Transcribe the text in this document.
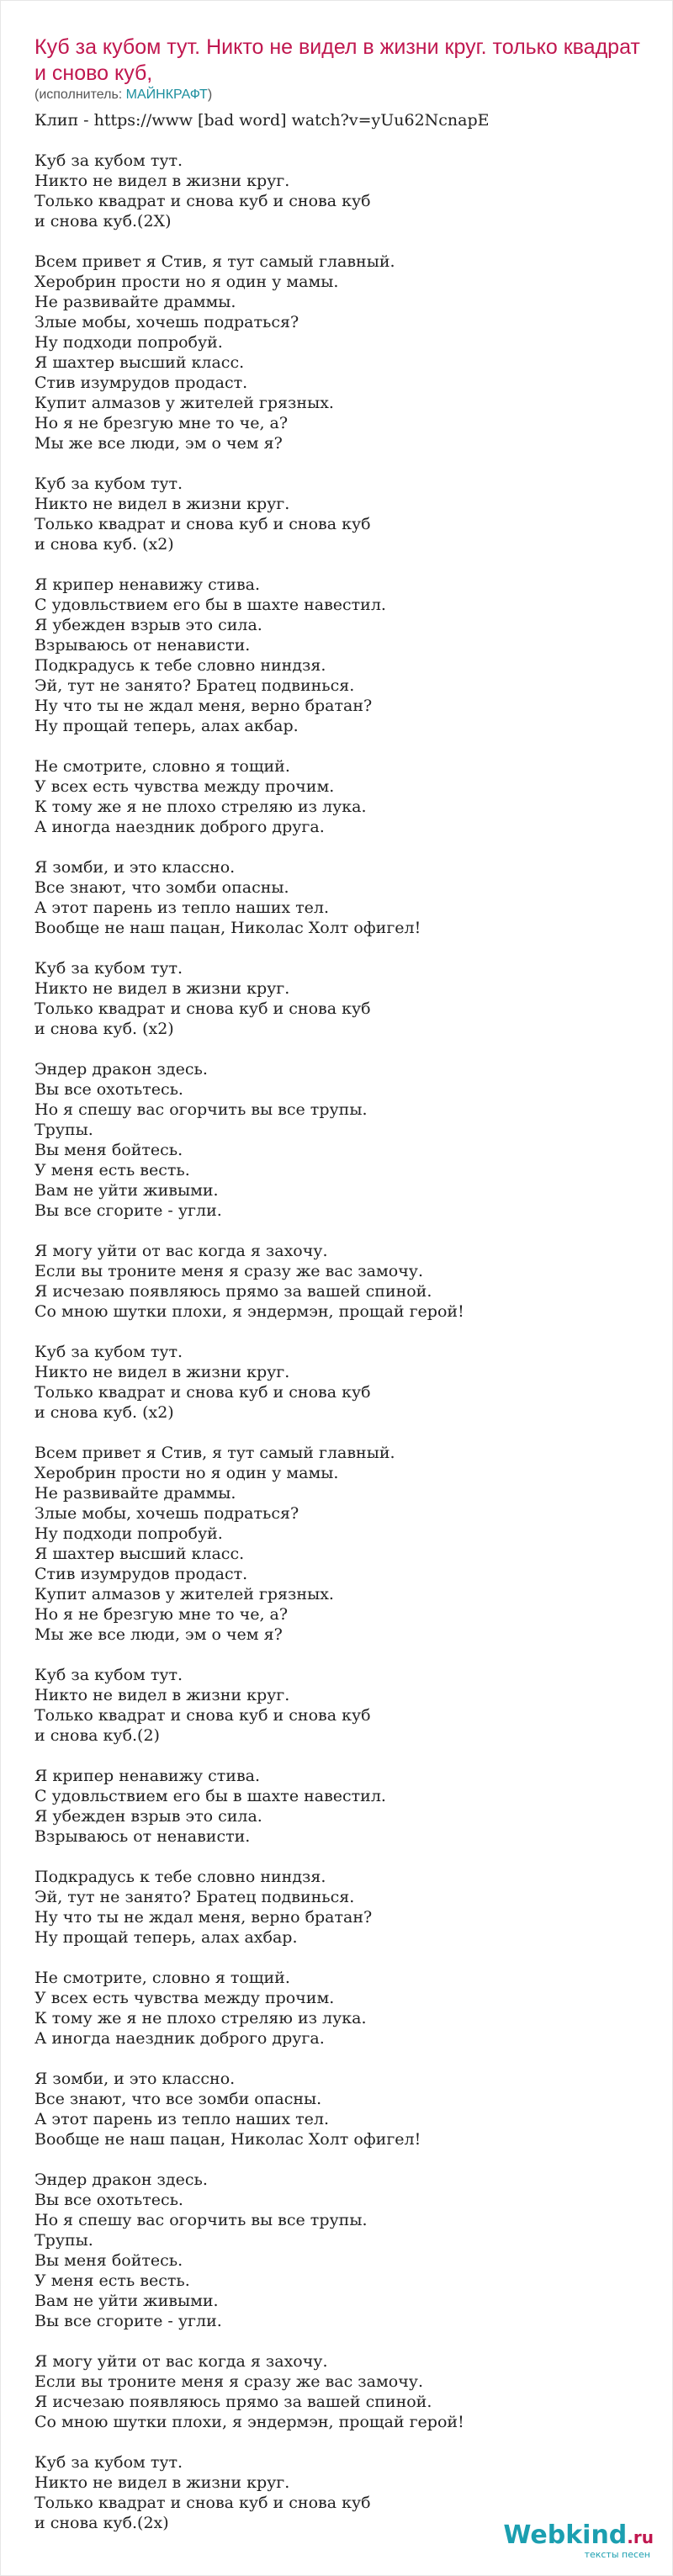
Куб за кубом тут. Никто не видел в жизни круг. только квадрат и сново куб,
(исполнитель: МАЙНКРАФТ)
Клип - https://www [bad word] watch?v=yUu62NcnapE
Куб за кубом тут.
Никто не видел в жизни круг.
Только квадрат и снова куб и снова куб
и снова куб.(2Х)
Всем привет я Стив, я тут самый главный.
Херобрин прости но я один у мамы.
Не развивайте драммы.
Злые мобы, хочешь подраться?
Ну подходи попробуй.
Я шахтер высший класс.
Стив изумрудов продаст.
Купит алмазов у жителей грязных.
Но я не брезгую мне то че, а?
Мы же все люди, эм о чем я?
Куб за кубом тут.
Никто не видел в жизни круг.
Только квадрат и снова куб и снова куб
и снова куб. (х2)
Я крипер ненавижу стива.
С удовльствием его бы в шахте навестил.
Я убежден взрыв это сила.
Взрываюсь от ненависти.
Подкрадусь к тебе словно ниндзя.
Эй, тут не занято? Братец подвинься.
Ну что ты не ждал меня, верно братан?
Ну прощай теперь, алах акбар.
Не смотрите, словно я тощий.
У всех есть чувства между прочим.
К тому же я не плохо стреляю из лука.
А иногда наездник доброго друга.
Я зомби, и это классно.
Все знают, что зомби опасны.
А этот парень из тепло наших тел.
Вообще не наш пацан, Николас Холт офигел!
Куб за кубом тут.
Никто не видел в жизни круг.
Только квадрат и снова куб и снова куб
и снова куб. (х2)
Эндер дракон здесь.
Вы все охотьтесь.
Но я спешу вас огорчить вы все трупы.
Трупы.
Вы меня бойтесь.
У меня есть весть.
Вам не уйти живыми.
Вы все сгорите - угли.
Я могу уйти от вас когда я захочу.
Если вы троните меня я сразу же вас замочу.
Я исчезаю появляюсь прямо за вашей спиной.
Со мною шутки плохи, я эндермэн, прощай герой!
Куб за кубом тут.
Никто не видел в жизни круг.
Только квадрат и снова куб и снова куб
и снова куб. (х2)
Всем привет я Стив, я тут самый главный.
Херобрин прости но я один у мамы.
Не развивайте драммы.
Злые мобы, хочешь подраться?
Ну подходи попробуй.
Я шахтер высший класс.
Стив изумрудов продаст.
Купит алмазов у жителей грязных.
Но я не брезгую мне то че, а?
Мы же все люди, эм о чем я?
Куб за кубом тут.
Никто не видел в жизни круг.
Только квадрат и снова куб и снова куб
и снова куб.(2)
Я крипер ненавижу стива.
С удовльствием его бы в шахте навестил.
Я убежден взрыв это сила.
Взрываюсь от ненависти.
Подкрадусь к тебе словно ниндзя.
Эй, тут не занято? Братец подвинься.
Ну что ты не ждал меня, верно братан?
Ну прощай теперь, алах ахбар.
Не смотрите, словно я тощий.
У всех есть чувства между прочим.
К тому же я не плохо стреляю из лука.
А иногда наездник доброго друга.
Я зомби, и это классно.
Все знают, что все зомби опасны.
А этот парень из тепло наших тел.
Вообще не наш пацан, Николас Холт офигел!
Эндер дракон здесь.
Вы все охотьтесь.
Но я спешу вас огорчить вы все трупы.
Трупы.
Вы меня бойтесь.
У меня есть весть.
Вам не уйти живыми.
Вы все сгорите - угли.
Я могу уйти от вас когда я захочу.
Если вы троните меня я сразу же вас замочу.
Я исчезаю появляюсь прямо за вашей спиной.
Со мною шутки плохи, я эндермэн, прощай герой!
Куб за кубом тут.
Никто не видел в жизни круг.
Только квадрат и снова куб и снова куб
и снова куб.(2х)	Webkind.ru
тексты песен
